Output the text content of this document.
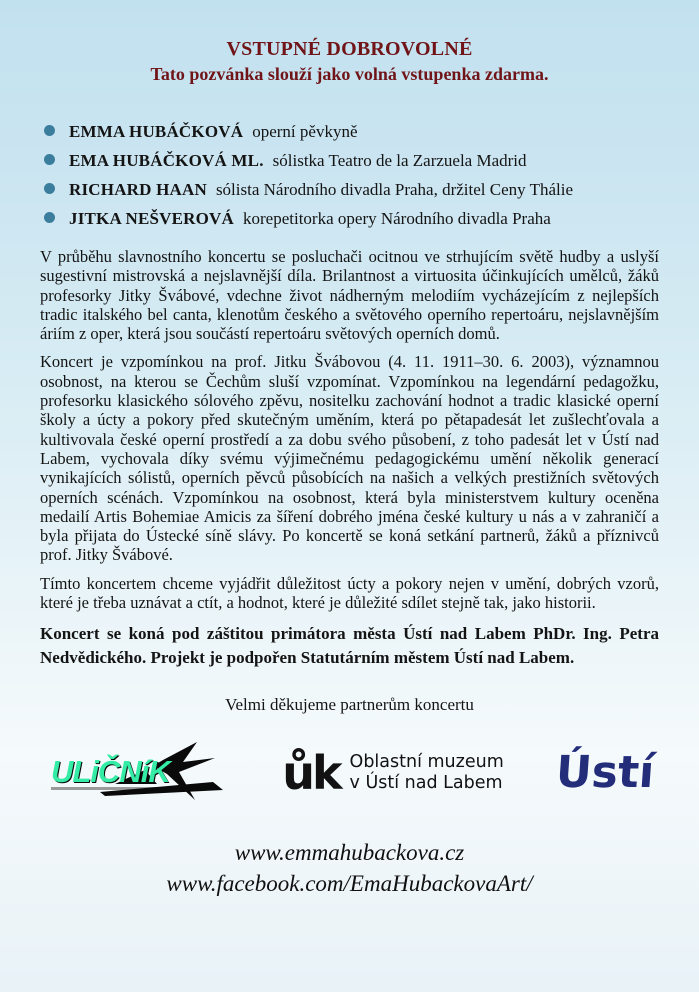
VSTUPNÉ DOBROVOLNÉ
Tato pozvánka slouží jako volná vstupenka zdarma.
EMMA HUBÁČKOVÁ operní pěvkyně
EMA HUBÁČKOVÁ ML. sólistka Teatro de la Zarzuela Madrid
RICHARD HAAN sólista Národního divadla Praha, držitel Ceny Thálie
JITKA NEŠVEROVÁ korepetitorka opery Národního divadla Praha

V průběhu slavnostního koncertu se posluchači ocitnou ve strhujícím světě hudby a uslyší sugestivní mistrovská a nejslavnější díla. Brilantnost a virtuosita účinkujících umělců, žáků profesorky Jitky Švábové, vdechne život nádherným melodiím vycházejícím z nejlepších tradic italského bel canta, klenotům českého a světového operního repertoáru, nejslavnějším áriím z oper, která jsou součástí repertoáru světových operních domů.

Koncert je vzpomínkou na prof. Jitku Švábovou (4. 11. 1911–30. 6. 2003), významnou osobnost, na kterou se Čechům sluší vzpomínat. Vzpomínkou na legendární pedagožku, profesorku klasického sólového zpěvu, nositelku zachování hodnot a tradic klasické operní školy a úcty a pokory před skutečným uměním, která po pětapadesát let zušlechťovala a kultivovala české operní prostředí a za dobu svého působení, z toho padesát let v Ústí nad Labem, vychovala díky svému výjimečnému pedagogickému umění několik generací vynikajících sólistů, operních pěvců působících na našich a velkých prestižních světových operních scénách. Vzpomínkou na osobnost, která byla ministerstvem kultury oceněna medailí Artis Bohemiae Amicis za šíření dobrého jména české kultury u nás a v zahraničí a byla přijata do Ústecké síně slávy. Po koncertě se koná setkání partnerů, žáků a příznivců prof. Jitky Švábové.

Tímto koncertem chceme vyjádřit důležitost úcty a pokory nejen v umění, dobrých vzorů, které je třeba uznávat a ctít, a hodnot, které je důležité sdílet stejně tak, jako historii.

Koncert se koná pod záštitou primátora města Ústí nad Labem PhDr. Ing. Petra Nedvědického. Projekt je podpořen Statutárním městem Ústí nad Labem.

Velmi děkujeme partnerům koncertu
ULiČNíK ůk Oblastní muzeum
v Ústí nad Labem Ústí
www.emmahubackova.cz
www.facebook.com/EmaHubackovaArt/
